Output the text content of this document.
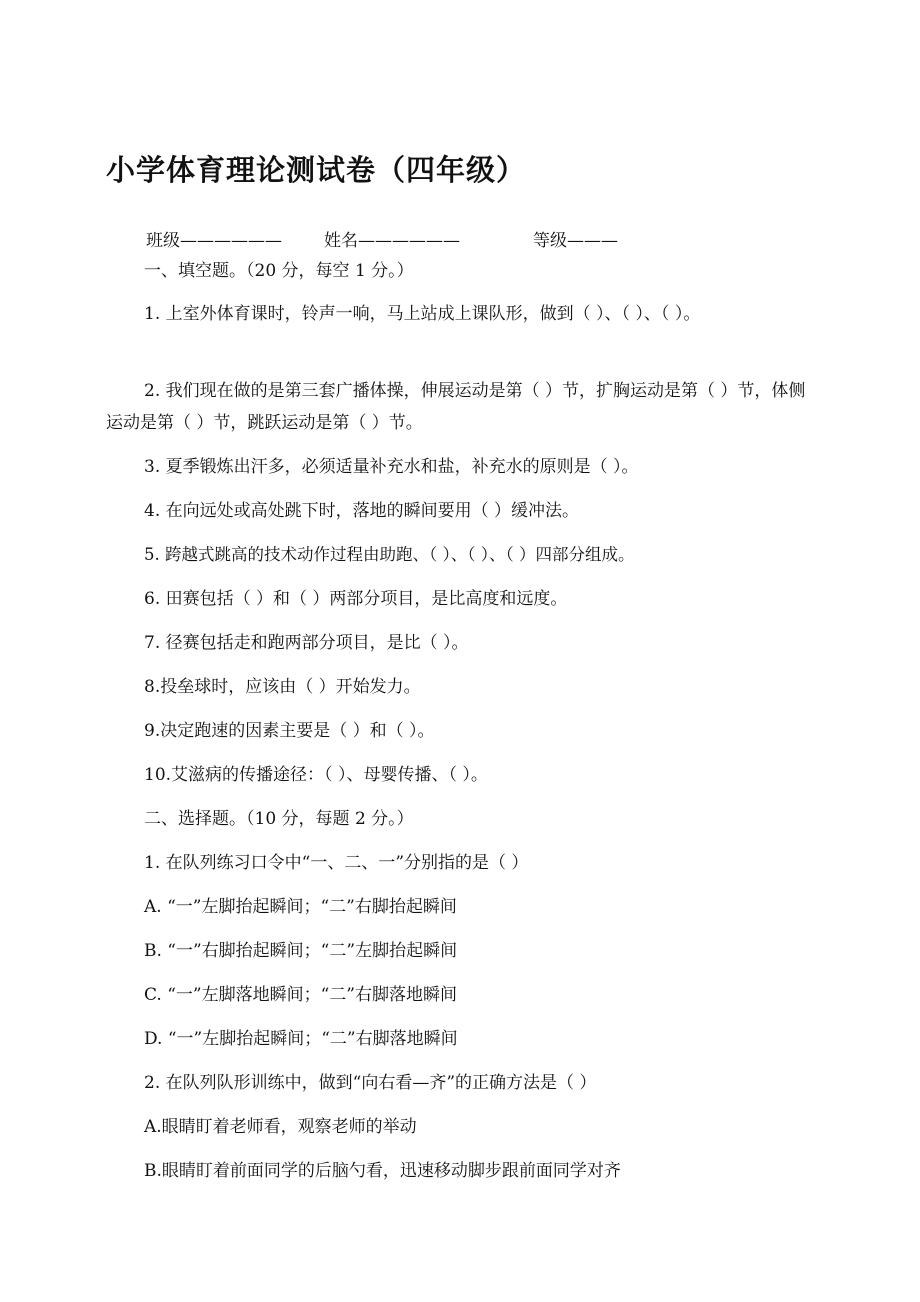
小学体育理论测试卷（四年级）
班级—————— 姓名——————	等级———
一、填空题。（20 分，每空 1 分。）

1. 上室外体育课时，铃声一响，马上站成上课队形，做到（ ）、（ ）、（ ）。

2. 我们现在做的是第三套广播体操，伸展运动是第（ ）节，扩胸运动是第（ ）节，体侧运动是第（ ）节，跳跃运动是第（ ）节。

3. 夏季锻炼出汗多，必须适量补充水和盐，补充水的原则是（ ）。
4. 在向远处或高处跳下时，落地的瞬间要用（ ）缓冲法。
5. 跨越式跳高的技术动作过程由助跑、（ ）、（ ）、（ ）四部分组成。
6. 田赛包括（ ）和（ ）两部分项目，是比高度和远度。
7. 径赛包括走和跑两部分项目，是比（ ）。
8.投垒球时，应该由（ ）开始发力。
9.决定跑速的因素主要是（ ）和（ ）。
10.艾滋病的传播途径：（ ）、母婴传播、（ ）。
二、选择题。（10 分，每题 2 分。）
1. 在队列练习口令中“一、二、一”分别指的是（ ）
A. “一”左脚抬起瞬间；“二”右脚抬起瞬间
B. “一”右脚抬起瞬间；“二”左脚抬起瞬间
C. “一”左脚落地瞬间；“二”右脚落地瞬间
D. “一”左脚抬起瞬间；“二”右脚落地瞬间
2. 在队列队形训练中，做到“向右看—齐”的正确方法是（ ）
A.眼睛盯着老师看，观察老师的举动
B.眼睛盯着前面同学的后脑勺看，迅速移动脚步跟前面同学对齐
